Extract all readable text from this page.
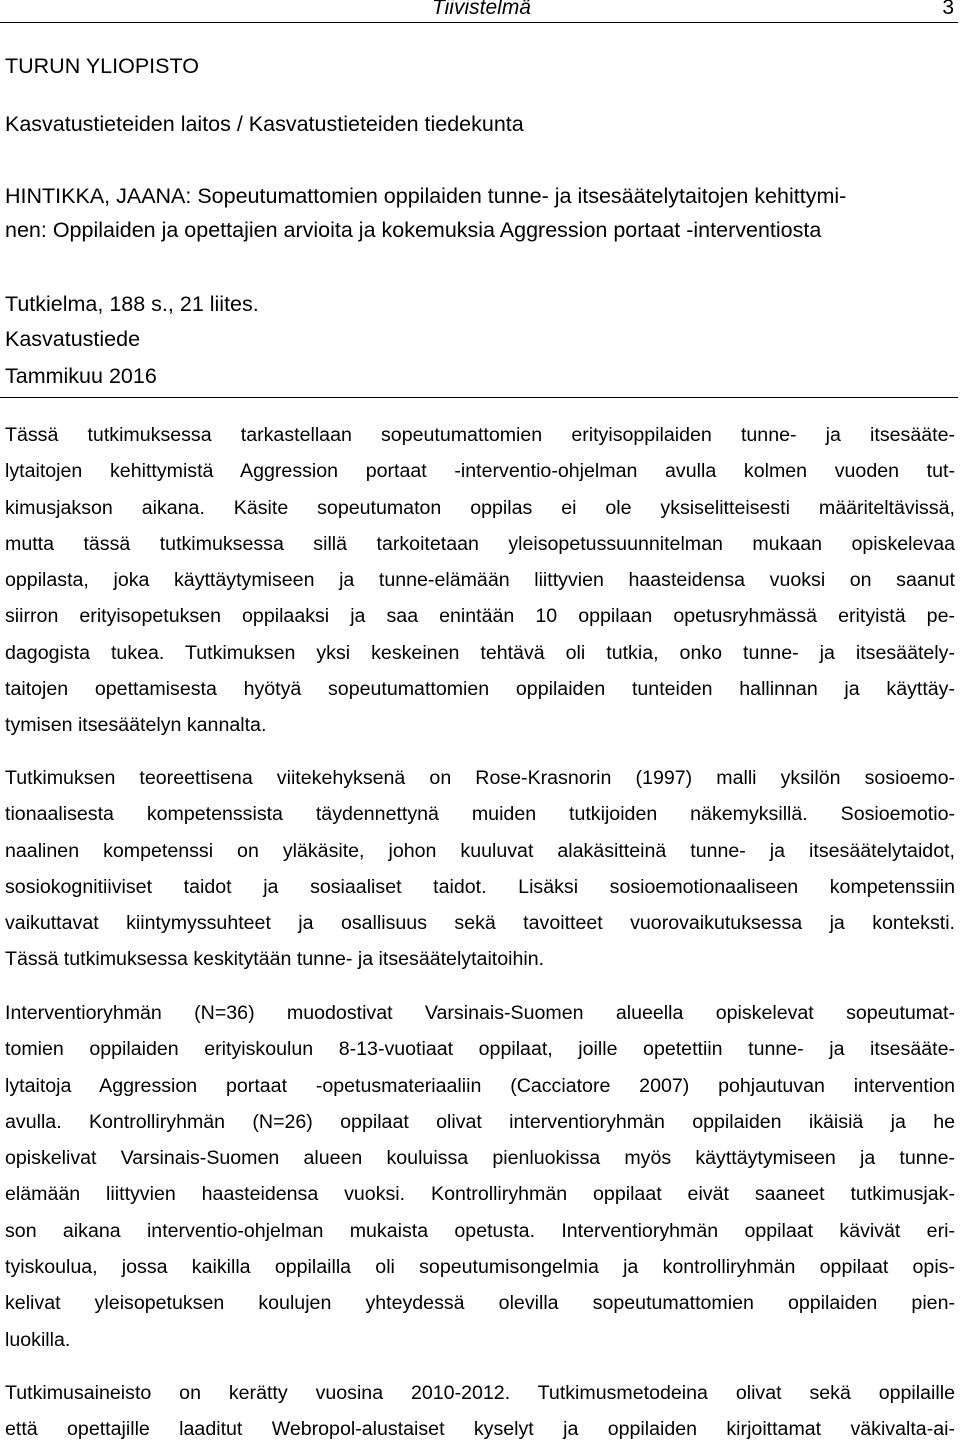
Tiivistelmä	3

TURUN YLIOPISTO

Kasvatustieteiden laitos / Kasvatustieteiden tiedekunta

HINTIKKA, JAANA: Sopeutumattomien oppilaiden tunne- ja itsesäätelytaitojen kehittymi-

nen: Oppilaiden ja opettajien arvioita ja kokemuksia Aggression portaat -interventiosta

Tutkielma, 188 s., 21 liites.

Kasvatustiede

Tammikuu 2016

Tässä tutkimuksessa tarkastellaan sopeutumattomien erityisoppilaiden tunne- ja itsesääte-
lytaitojen kehittymistä Aggression portaat -interventio-ohjelman avulla kolmen vuoden tut-
kimusjakson aikana. Käsite sopeutumaton oppilas ei ole yksiselitteisesti määriteltävissä,
mutta tässä tutkimuksessa sillä tarkoitetaan yleisopetussuunnitelman mukaan opiskelevaa
oppilasta, joka käyttäytymiseen ja tunne-elämään liittyvien haasteidensa vuoksi on saanut
siirron erityisopetuksen oppilaaksi ja saa enintään 10 oppilaan opetusryhmässä erityistä pe-
dagogista tukea. Tutkimuksen yksi keskeinen tehtävä oli tutkia, onko tunne- ja itsesäätely-
taitojen opettamisesta hyötyä sopeutumattomien oppilaiden tunteiden hallinnan ja käyttäy-
tymisen itsesäätelyn kannalta.
Tutkimuksen teoreettisena viitekehyksenä on Rose-Krasnorin (1997) malli yksilön sosioemo-
tionaalisesta kompetenssista täydennettynä muiden tutkijoiden näkemyksillä. Sosioemotio-
naalinen kompetenssi on yläkäsite, johon kuuluvat alakäsitteinä tunne- ja itsesäätelytaidot,
sosiokognitiiviset taidot ja sosiaaliset taidot. Lisäksi sosioemotionaaliseen kompetenssiin
vaikuttavat kiintymyssuhteet ja osallisuus sekä tavoitteet vuorovaikutuksessa ja konteksti.
Tässä tutkimuksessa keskitytään tunne- ja itsesäätelytaitoihin.
Interventioryhmän (N=36) muodostivat Varsinais-Suomen alueella opiskelevat sopeutumat-
tomien oppilaiden erityiskoulun 8-13-vuotiaat oppilaat, joille opetettiin tunne- ja itsesääte-
lytaitoja Aggression portaat -opetusmateriaaliin (Cacciatore 2007) pohjautuvan intervention
avulla. Kontrolliryhmän (N=26) oppilaat olivat interventioryhmän oppilaiden ikäisiä ja he
opiskelivat Varsinais-Suomen alueen kouluissa pienluokissa myös käyttäytymiseen ja tunne-
elämään liittyvien haasteidensa vuoksi. Kontrolliryhmän oppilaat eivät saaneet tutkimusjak-
son aikana interventio-ohjelman mukaista opetusta. Interventioryhmän oppilaat kävivät eri-
tyiskoulua, jossa kaikilla oppilailla oli sopeutumisongelmia ja kontrolliryhmän oppilaat opis-
kelivat yleisopetuksen koulujen yhteydessä olevilla sopeutumattomien oppilaiden pien-
luokilla.
Tutkimusaineisto on kerätty vuosina 2010-2012. Tutkimusmetodeina olivat sekä oppilaille
että opettajille laaditut Webropol-alustaiset kyselyt ja oppilaiden kirjoittamat väkivalta-ai-
